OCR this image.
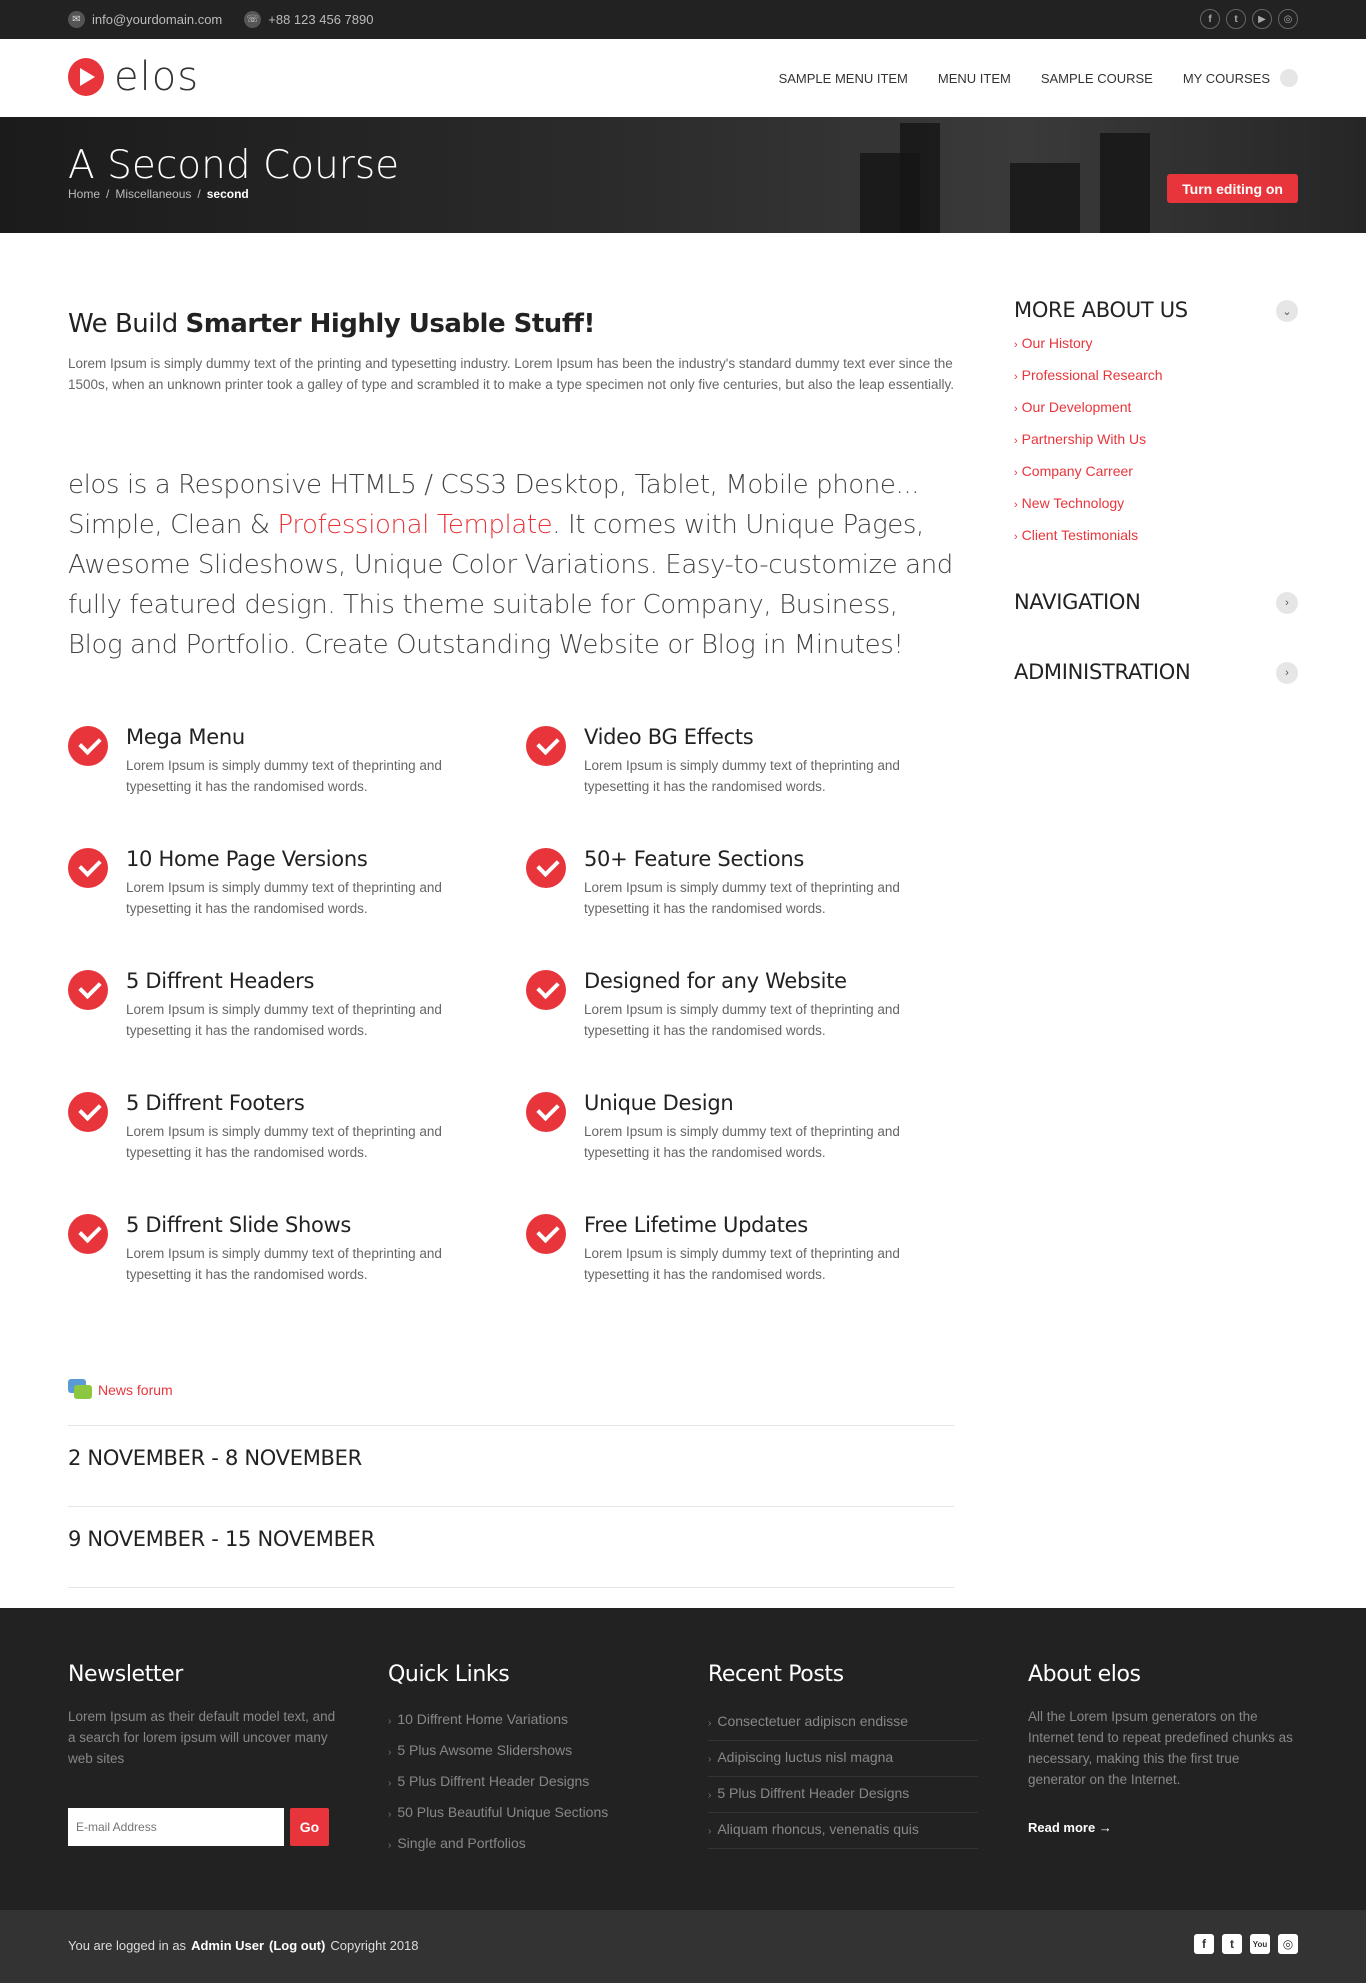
✉ info@yourdomain.com ☏ +88 123 456 7890	f	t	▶	◎
elos	SAMPLE MENU ITEM MENU ITEM SAMPLE COURSE MY COURSES
A Second Course
Home / Miscellaneous / second	Turn editing on
We Build Smarter Highly Usable Stuff!

Lorem Ipsum is simply dummy text of the printing and typesetting industry. Lorem Ipsum has been the industry's standard dummy text ever since the 1500s, when an unknown printer took a galley of type and scrambled it to make a type specimen not only five centuries, but also the leap essentially.

elos is a Responsive HTML5 / CSS3 Desktop, Tablet, Mobile phone... Simple, Clean & Professional Template. It comes with Unique Pages, Awesome Slideshows, Unique Color Variations. Easy-to-customize and fully featured design. This theme suitable for Company, Business, Blog and Portfolio. Create Outstanding Website or Blog in Minutes!

Mega Menu

Lorem Ipsum is simply dummy text of theprinting and typesetting it has the randomised words.

Video BG Effects

Lorem Ipsum is simply dummy text of theprinting and typesetting it has the randomised words.

10 Home Page Versions

Lorem Ipsum is simply dummy text of theprinting and typesetting it has the randomised words.

50+ Feature Sections

Lorem Ipsum is simply dummy text of theprinting and typesetting it has the randomised words.

5 Diffrent Headers

Lorem Ipsum is simply dummy text of theprinting and typesetting it has the randomised words.

Designed for any Website

Lorem Ipsum is simply dummy text of theprinting and typesetting it has the randomised words.

5 Diffrent Footers

Lorem Ipsum is simply dummy text of theprinting and typesetting it has the randomised words.

Unique Design

Lorem Ipsum is simply dummy text of theprinting and typesetting it has the randomised words.

5 Diffrent Slide Shows

Lorem Ipsum is simply dummy text of theprinting and typesetting it has the randomised words.

Free Lifetime Updates

Lorem Ipsum is simply dummy text of theprinting and typesetting it has the randomised words.

News forum
2 NOVEMBER - 8 NOVEMBER
9 NOVEMBER - 15 NOVEMBER
MORE ABOUT US	⌄
› Our History
› Professional Research
› Our Development
› Partnership With Us
› Company Carreer
› New Technology
› Client Testimonials
NAVIGATION	›
ADMINISTRATION	›
Newsletter

Lorem Ipsum as their default model text, and a search for lorem ipsum will uncover many web sites

E-mail Address
Go
Quick Links
› 10 Diffrent Home Variations
› 5 Plus Awsome Slidershows
› 5 Plus Diffrent Header Designs
› 50 Plus Beautiful Unique Sections
› Single and Portfolios
Recent Posts
› Consectetuer adipiscn endisse
› Adipiscing luctus nisl magna
› 5 Plus Diffrent Header Designs
› Aliquam rhoncus, venenatis quis
About elos

All the Lorem Ipsum generators on the Internet tend to repeat predefined chunks as necessary, making this the first true generator on the Internet.

Read more →
You are logged in as Admin User (Log out) Copyright 2018	f	t	You	◎
